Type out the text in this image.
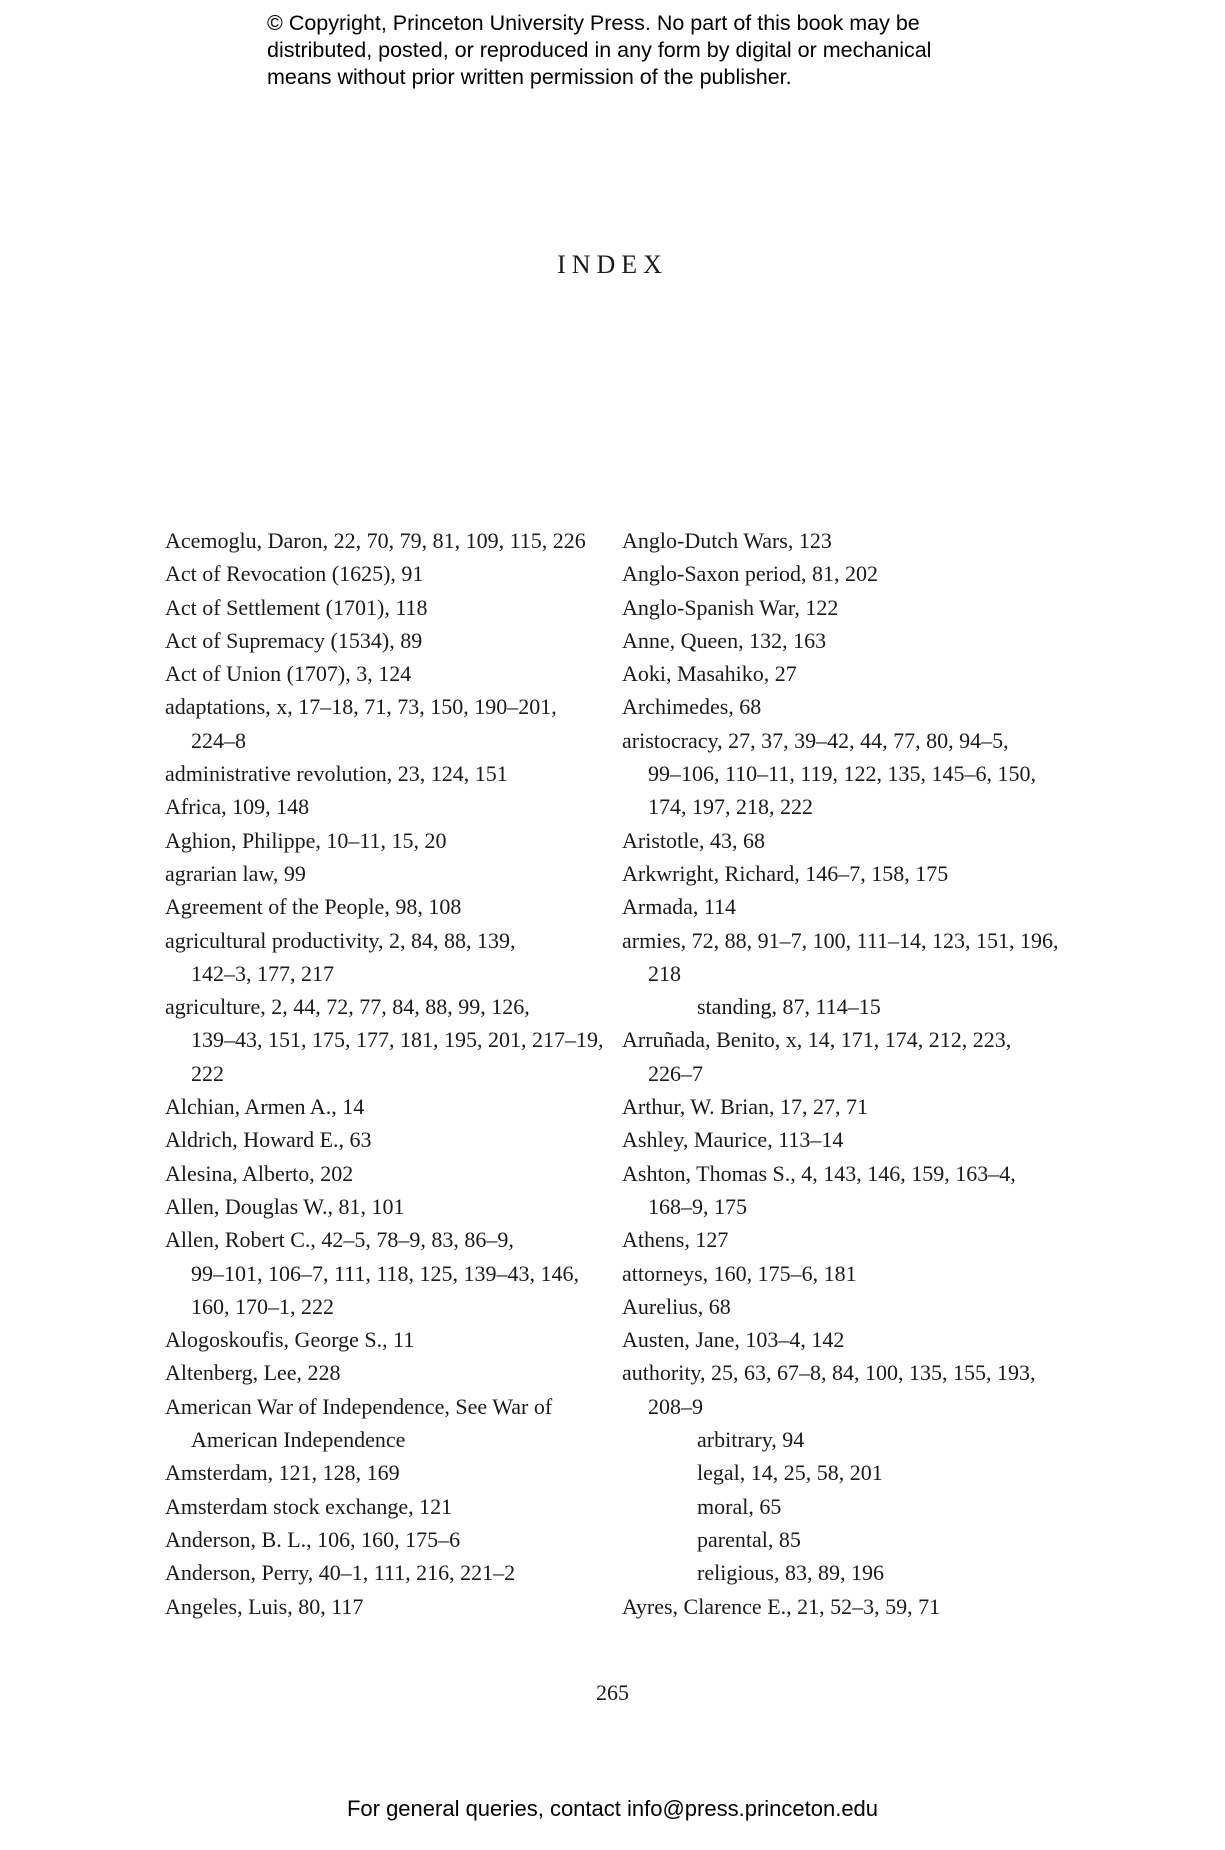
© Copyright, Princeton University Press. No part of this book may be
distributed, posted, or reproduced in any form by digital or mechanical
means without prior written permission of the publisher.
INDEX
Acemoglu, Daron, 22, 70, 79, 81, 109, 115, 226
Act of Revocation (1625), 91
Act of Settlement (1701), 118
Act of Supremacy (1534), 89
Act of Union (1707), 3, 124
adaptations, x, 17–18, 71, 73, 150, 190–201,
224–8
administrative revolution, 23, 124, 151
Africa, 109, 148
Aghion, Philippe, 10–11, 15, 20
agrarian law, 99
Agreement of the People, 98, 108
agricultural productivity, 2, 84, 88, 139,
142–3, 177, 217
agriculture, 2, 44, 72, 77, 84, 88, 99, 126,
139–43, 151, 175, 177, 181, 195, 201, 217–19,
222
Alchian, Armen A., 14
Aldrich, Howard E., 63
Alesina, Alberto, 202
Allen, Douglas W., 81, 101
Allen, Robert C., 42–5, 78–9, 83, 86–9,
99–101, 106–7, 111, 118, 125, 139–43, 146,
160, 170–1, 222
Alogoskoufis, George S., 11
Altenberg, Lee, 228
American War of Independence, See War of
American Independence
Amsterdam, 121, 128, 169
Amsterdam stock exchange, 121
Anderson, B. L., 106, 160, 175–6
Anderson, Perry, 40–1, 111, 216, 221–2
Angeles, Luis, 80, 117
Anglo-Dutch Wars, 123
Anglo-Saxon period, 81, 202
Anglo-Spanish War, 122
Anne, Queen, 132, 163
Aoki, Masahiko, 27
Archimedes, 68
aristocracy, 27, 37, 39–42, 44, 77, 80, 94–5,
99–106, 110–11, 119, 122, 135, 145–6, 150,
174, 197, 218, 222
Aristotle, 43, 68
Arkwright, Richard, 146–7, 158, 175
Armada, 114
armies, 72, 88, 91–7, 100, 111–14, 123, 151, 196,
218
standing, 87, 114–15
Arruñada, Benito, x, 14, 171, 174, 212, 223,
226–7
Arthur, W. Brian, 17, 27, 71
Ashley, Maurice, 113–14
Ashton, Thomas S., 4, 143, 146, 159, 163–4,
168–9, 175
Athens, 127
attorneys, 160, 175–6, 181
Aurelius, 68
Austen, Jane, 103–4, 142
authority, 25, 63, 67–8, 84, 100, 135, 155, 193,
208–9
arbitrary, 94
legal, 14, 25, 58, 201
moral, 65
parental, 85
religious, 83, 89, 196
Ayres, Clarence E., 21, 52–3, 59, 71
265
For general queries, contact info@press.princeton.edu
